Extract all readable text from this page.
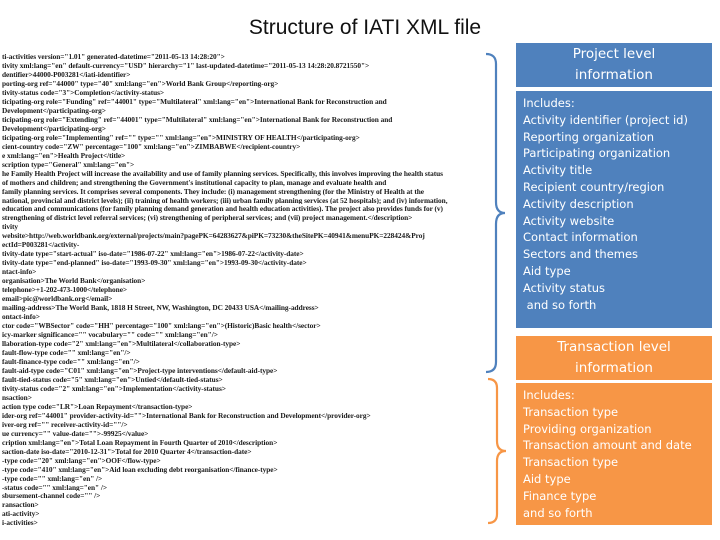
Structure of IATI XML file
ti-activities version="1.01" generated-datetime="2011-05-13 14:28:20">
tivity xml:lang="en" default-currency="USD" hierarchy="1" last-updated-datetime="2011-05-13 14:28:20.8721550">
dentifier>44000-P003281</iati-identifier>
porting-org ref="44000" type="40" xml:lang="en">World Bank Group</reporting-org>
tivity-status code="3">Completion</activity-status>
ticipating-org role="Funding" ref="44001" type="Multilateral" xml:lang="en">International Bank for Reconstruction and
Development</participating-org>
ticipating-org role="Extending" ref="44001" type="Multilateral" xml:lang="en">International Bank for Reconstruction and
Development</participating-org>
ticipating-org role="Implementing" ref="" type="" xml:lang="en">MINISTRY OF HEALTH</participating-org>
cient-country code="ZW" percentage="100" xml:lang="en">ZIMBABWE</recipient-country>
e xml:lang="en">Health Project</title>
scription type="General" xml:lang="en">
he Family Health Project will increase the availability and use of family planning services. Specifically, this involves improving the health status
of mothers and children; and strengthening the Government's institutional capacity to plan, manage and evaluate health and
family planning services. It comprises several components. They include: (i) management strengthening (for the Ministry of Health at the
national, provincial and district levels); (ii) training of health workers; (iii) urban family planning services (at 52 hospitals); and (iv) information,
education and communications (for family planning demand generation and health education activities). The project also provides funds for (v)
strengthening of district level referral services; (vi) strengthening of peripheral services; and (vii) project management.</description>
tivity
website>http://web.worldbank.org/external/projects/main?pagePK=64283627&piPK=73230&theSitePK=40941&menuPK=228424&Proj
ectId=P003281</activity-
tivity-date type="start-actual" iso-date="1986-07-22" xml:lang="en">1986-07-22</activity-date>
tivity-date type="end-planned" iso-date="1993-09-30" xml:lang="en">1993-09-30</activity-date>
ntact-info>
organisation>The World Bank</organisation>
telephone>+1-202-473-1000</telephone>
email>pic@worldbank.org</email>
mailing-address>The World Bank, 1818 H Street, NW, Washington, DC 20433 USA</mailing-address>
ontact-info>
ctor code="WBSector" code="HH" percentage="100" xml:lang="en">(Historic)Basic health</sector>
icy-marker significance="" vocabulary="" code="" xml:lang="en"/>
llaboration-type code="2" xml:lang="en">Multilateral</collaboration-type>
fault-flow-type code="" xml:lang="en"/>
fault-finance-type code="" xml:lang="en"/>
fault-aid-type code="C01" xml:lang="en">Project-type interventions</default-aid-type>
fault-tied-status code="5" xml:lang="en">Untied</default-tied-status>
tivity-status code="2" xml:lang="en">Implementation</activity-status>
nsaction>
action type code="LR">Loan Repayment</transaction-type>
ider-org ref="44001" provider-activity-id="">International Bank for Reconstruction and Development</provider-org>
iver-org ref="" receiver-activity-id=""/>
ue currency="" value-date="">-99925</value>
cription xml:lang="en">Total Loan Repayment in Fourth Quarter of 2010</description>
saction-date iso-date="2010-12-31">Total for 2010 Quarter 4</transaction-date>
-type code="20" xml:lang="en">OOF</flow-type>
-type code="410" xml:lang="en">Aid loan excluding debt reorganisation</finance-type>
-type code="" xml:lang="en" />
-status code="" xml:lang="en" />
sbursement-channel code="" />
ransaction>
ati-activity>
i-activities>
Project level
information
Includes:
Activity identifier (project id)
Reporting organization
Participating organization
Activity title
Recipient country/region
Activity description
Activity website
Contact information
Sectors and themes
Aid type
Activity status
and so forth
Transaction level
information
Includes:
Transaction type
Providing organization
Transaction amount and date
Transaction type
Aid type
Finance type
and so forth
